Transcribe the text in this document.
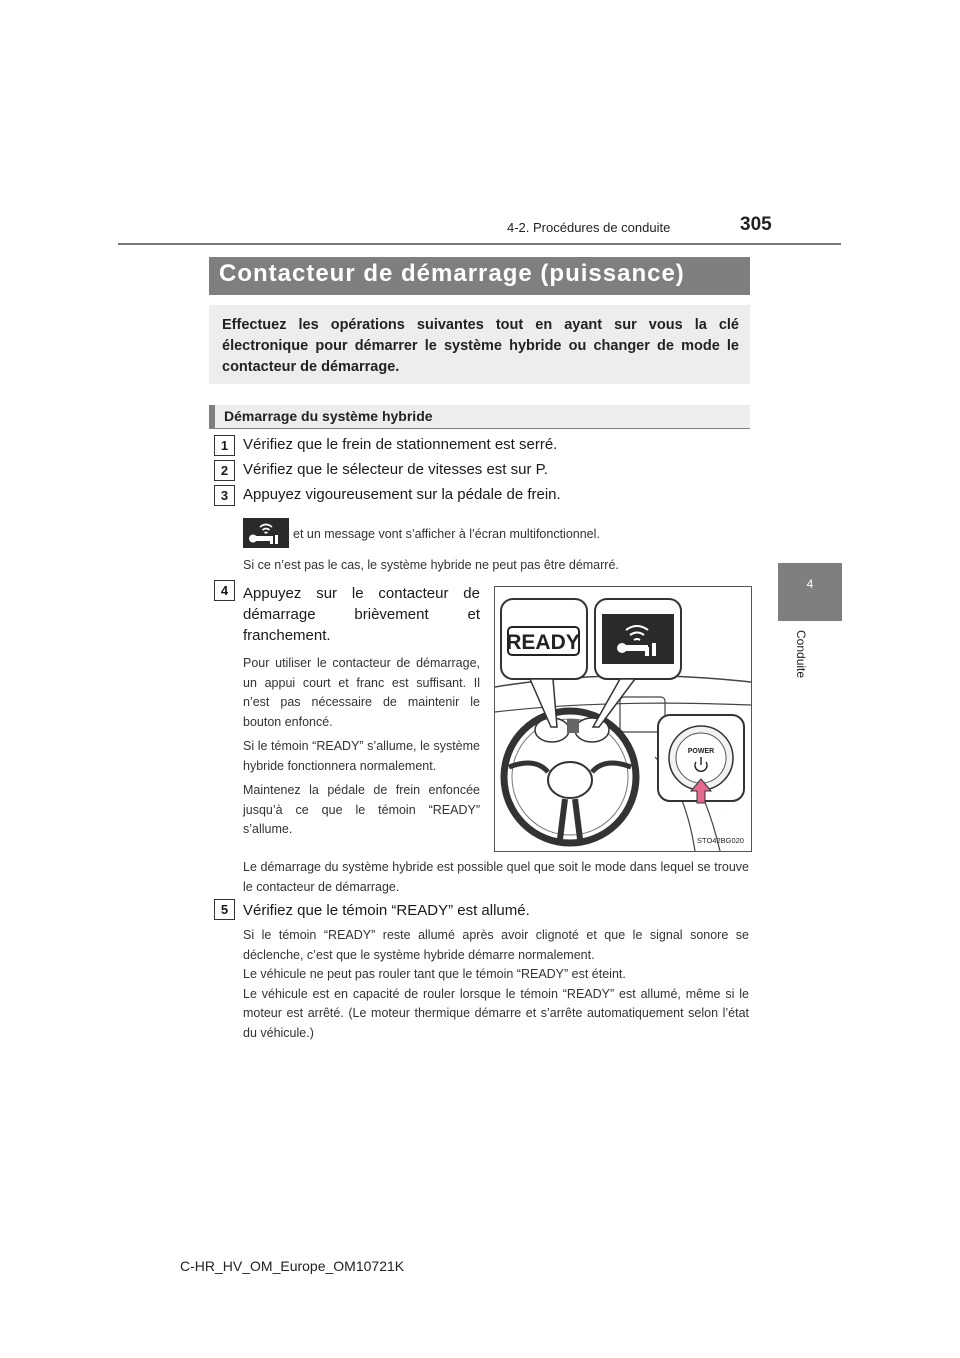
4-2. Procédures de conduite	305
4
Conduite
Contacteur de démarrage (puissance)
Effectuez les opérations suivantes tout en ayant sur vous la clé électronique pour démarrer le système hybride ou changer de mode le contacteur de démarrage.
Démarrage du système hybride
1 Vérifiez que le frein de stationnement est serré.
2 Vérifiez que le sélecteur de vitesses est sur P.
3 Appuyez vigoureusement sur la pédale de frein.
et un message vont s’afficher à l’écran multifonctionnel.
Si ce n’est pas le cas, le système hybride ne peut pas être démarré.
4 Appuyez sur le contacteur de démarrage brièvement et franchement.
Pour utiliser le contacteur de démarrage, un appui court et franc est suffisant. Il n’est pas nécessaire de maintenir le bouton enfoncé.
Si le témoin “READY” s’allume, le système hybride fonctionnera normalement.
Maintenez la pédale de frein enfoncée jusqu’à ce que le témoin “READY” s’allume.
READY
POWER
STO42BG020
Le démarrage du système hybride est possible quel que soit le mode dans lequel se trouve le contacteur de démarrage.
5 Vérifiez que le témoin “READY” est allumé.
Si le témoin “READY” reste allumé après avoir clignoté et que le signal sonore se déclenche, c’est que le système hybride démarre normalement.
Le véhicule ne peut pas rouler tant que le témoin “READY” est éteint.
Le véhicule est en capacité de rouler lorsque le témoin “READY” est allumé, même si le moteur est arrêté. (Le moteur thermique démarre et s’arrête automatiquement selon l’état du véhicule.)
C-HR_HV_OM_Europe_OM10721K
